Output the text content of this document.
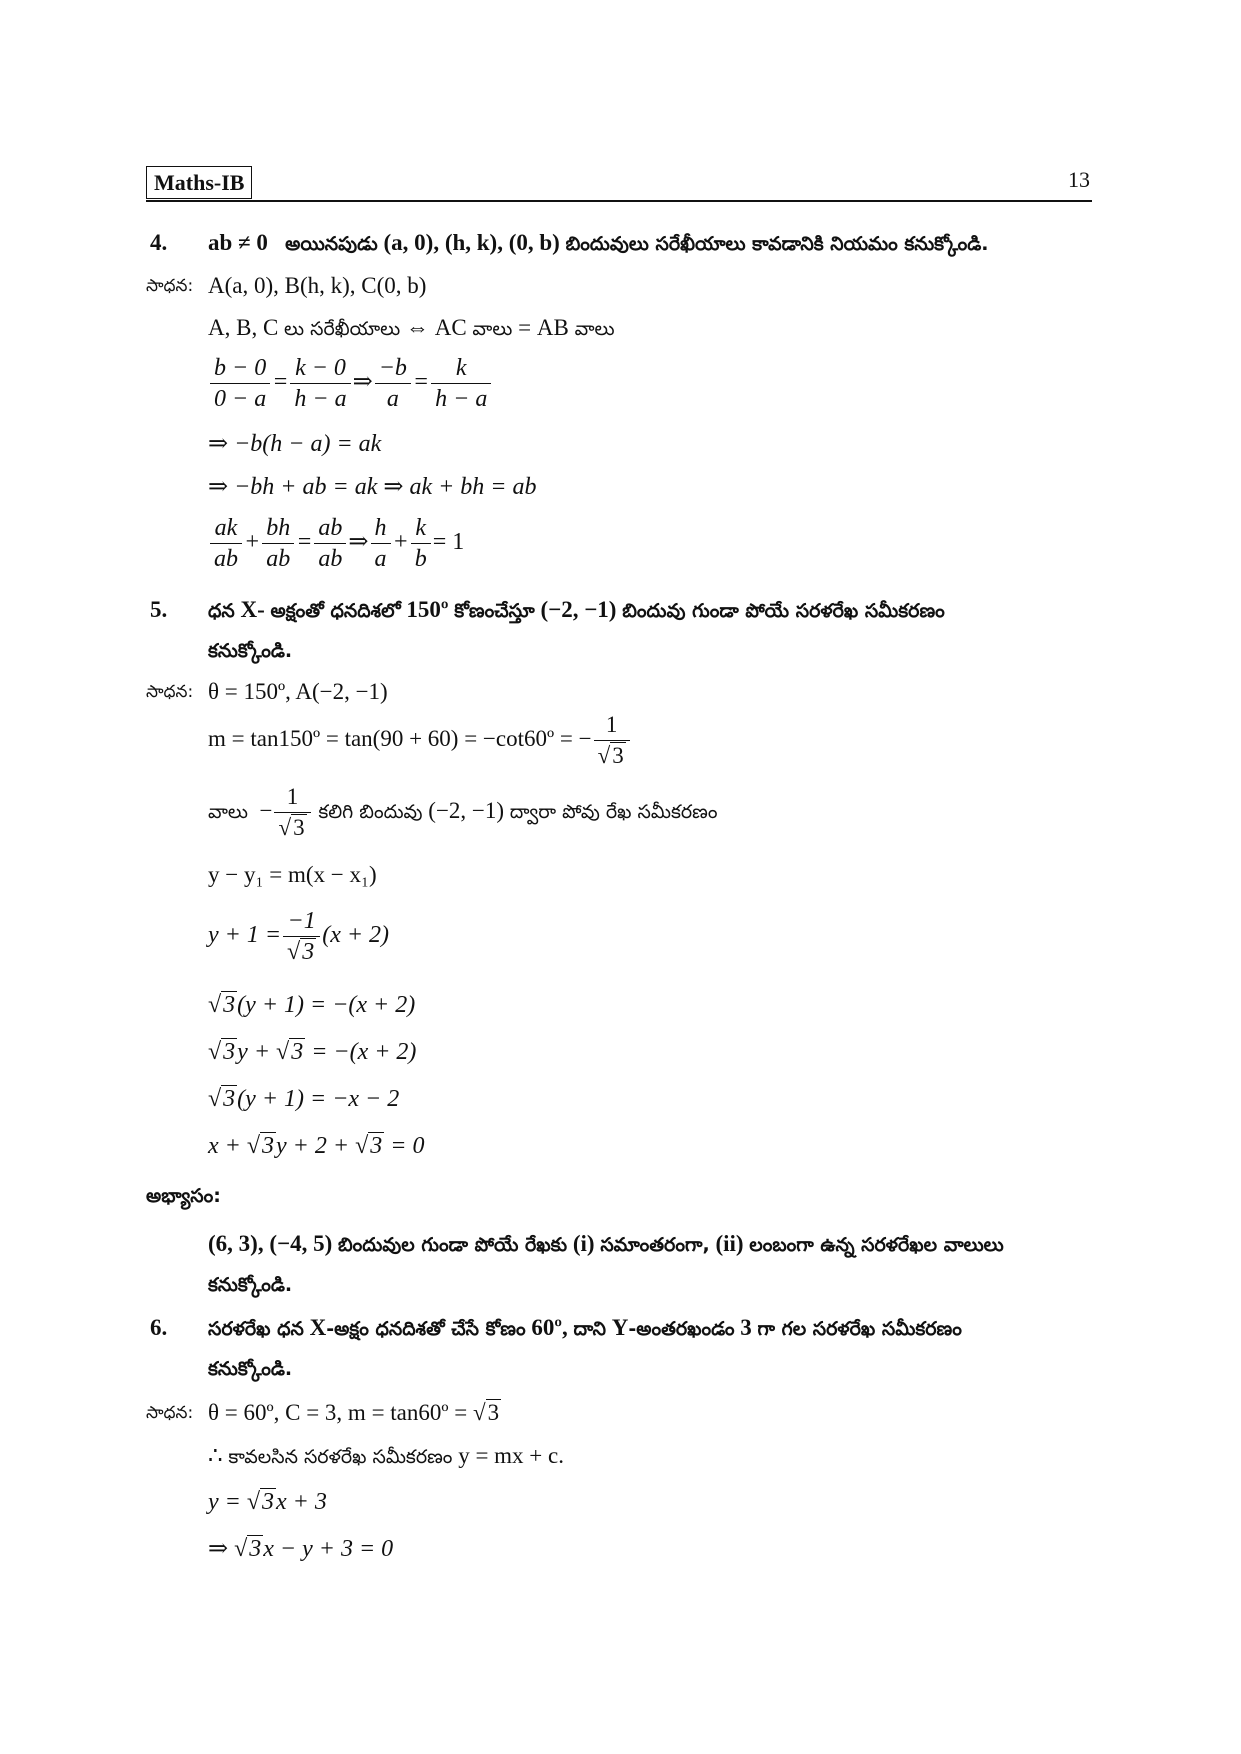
Maths-IB	13
4. ab ≠ 0 అయినపుడు (a, 0), (h, k), (0, b) బిందువులు సరేఖీయాలు కావడానికి నియమం కనుక్కోండి.
సాధన: A(a, 0), B(h, k), C(0, b)
A, B, C లు సరేఖీయాలు ⇔ AC వాలు = AB వాలు
$\frac{b - 0}{0 - a} = \frac{k - 0}{h - a}$ ⇒ $\frac{-b}{a} = \frac{k}{h - a}$
⇒ −b(h − a) = ak
⇒ −bh + ab = ak ⇒ ak + bh = ab
$\frac{ak}{ab} + \frac{bh}{ab} = \frac{ab}{ab}$ ⇒ $\frac{h}{a} + \frac{k}{b} = 1$
5. ధన X- అక్షంతో ధనదిశలో 150º కోణంచేస్తూ (−2, −1) బిందువు గుండా పోయే సరళరేఖ సమీకరణం
కనుక్కోండి.
సాధన: θ = 150º, A(−2, −1)
m = tan150º = tan(90 + 60) = −cot60º = − $\frac{1}{√3}$
వాలు − $\frac{1}{√3}$ కలిగి బిందువు (−2, −1) ద్వారా పోవు రేఖ సమీకరణం
y − y₁ = m(x − x₁)
$y + 1 = \frac{-1}{√3} (x + 2)$
√3(y + 1) = −(x + 2)
√3y + √3 = −(x + 2)
√3(y + 1) = −x − 2
x + √3y + 2 + √3 = 0
అభ్యాసం:
(6, 3), (−4, 5) బిందువుల గుండా పోయే రేఖకు (i) సమాంతరంగా, (ii) లంబంగా ఉన్న సరళరేఖల వాలులు
కనుక్కోండి.
6. సరళరేఖ ధన X-అక్షం ధనదిశతో చేసే కోణం 60º, దాని Y-అంతరఖండం 3 గా గల సరళరేఖ సమీకరణం
కనుక్కోండి.
సాధన: θ = 60º, C = 3, m = tan60º = √3
∴ కావలసిన సరళరేఖ సమీకరణం y = mx + c.
y = √3x + 3
⇒ √3x − y + 3 = 0
